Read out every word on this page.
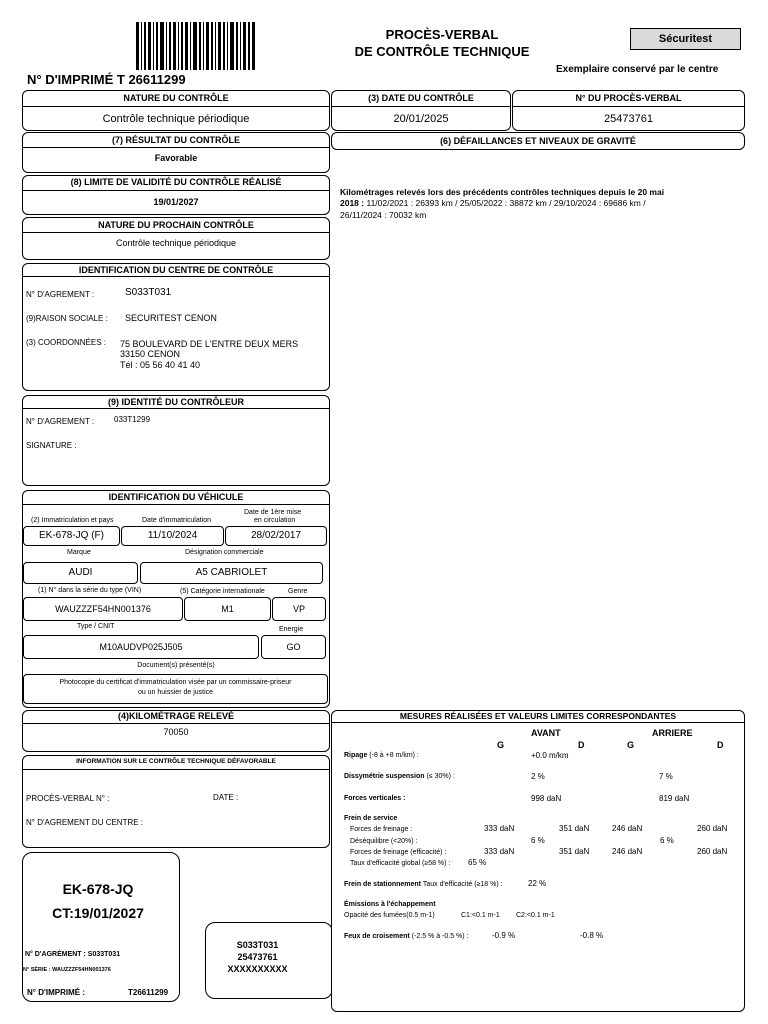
N° D'IMPRIMÉ T 26611299
PROCÈS-VERBAL
DE CONTRÔLE TECHNIQUE
Sécuritest
Exemplaire conservé par le centre
NATURE DU CONTRÔLE
Contrôle technique périodique
(3) DATE DU CONTRÔLE
20/01/2025
N° DU PROCÈS-VERBAL
25473761
(7) RÉSULTAT DU CONTRÔLE
Favorable
(6) DÉFAILLANCES ET NIVEAUX DE GRAVITÉ
(8) LIMITE DE VALIDITÉ DU CONTRÔLE RÉALISÉ
19/01/2027
Kilométrages relevés lors des précédents contrôles techniques depuis le 20 mai
2018 : 11/02/2021 : 26393 km / 25/05/2022 : 38872 km / 29/10/2024 : 69686 km /
26/11/2024 : 70032 km
NATURE DU PROCHAIN CONTRÔLE
Contrôle technique périodique
IDENTIFICATION DU CENTRE DE CONTRÔLE
N° D'AGREMENT :	S033T031
(9)RAISON SOCIALE : SECURITEST CENON
(3) COORDONNÉES : 75 BOULEVARD DE L'ENTRE DEUX MERS
33150 CENON
Tél : 05 56 40 41 40
(9) IDENTITÉ DU CONTRÔLEUR
N° D'AGREMENT : 033T1299
SIGNATURE :
IDENTIFICATION DU VÉHICULE
(2) Immatriculation et pays	Date d'immatriculation
Date de 1ère mise
en circulation
EK-678-JQ (F)	11/10/2024	28/02/2017
Marque	Désignation commerciale
AUDI	A5 CABRIOLET
(1) N° dans la série du type (VIN)	(5) Catégorie internationale	Genre
WAUZZZF54HN001376	M1	VP
Type / CNIT	Energie
M10AUDVP025J505	GO
Document(s) présenté(s)
Photocopie du certificat d'immatriculation visée par un commissaire-priseur
ou un huissier de justice
(4)KILOMÉTRAGE RELEVÉ
70050
INFORMATION SUR LE CONTRÔLE TECHNIQUE DÉFAVORABLE
PROCÈS-VERBAL N° :	DATE :
N° D'AGREMENT DU CENTRE :
EK-678-JQ
CT:19/01/2027
N° D'AGRÉMENT : S033T031
N° SÉRIE : WAUZZZF54HN001376
N° D'IMPRIMÉ :	T26611299
S033T031
25473761
XXXXXXXXXX
MESURES RÉALISÉES ET VALEURS LIMITES CORRESPONDANTES
AVANT	ARRIERE
G	D	G	D
Ripage (-8 à +8 m/km) :	+0.0 m/km
Dissymétrie suspension (≤ 30%) :	2 %	7 %
Forces verticales :	998 daN	819 daN
Frein de service
Forces de freinage :	333 daN	351 daN	246 daN	260 daN
Déséquilibre (<20%) :	6 %	6 %
Forces de freinage (efficacité) :	333 daN	351 daN	246 daN	260 daN
Taux d'efficacité global (≥58 %) : 65 %
Frein de stationnement Taux d'efficacité (≥18 %) :	22 %
Émissions à l'échappement
Opacité des fumées(0.5 m-1)	C1:<0.1 m-1 C2:<0.1 m-1
Feux de croisement (-2.5 % à -0.5 %) :	-0.9 %	-0.8 %
